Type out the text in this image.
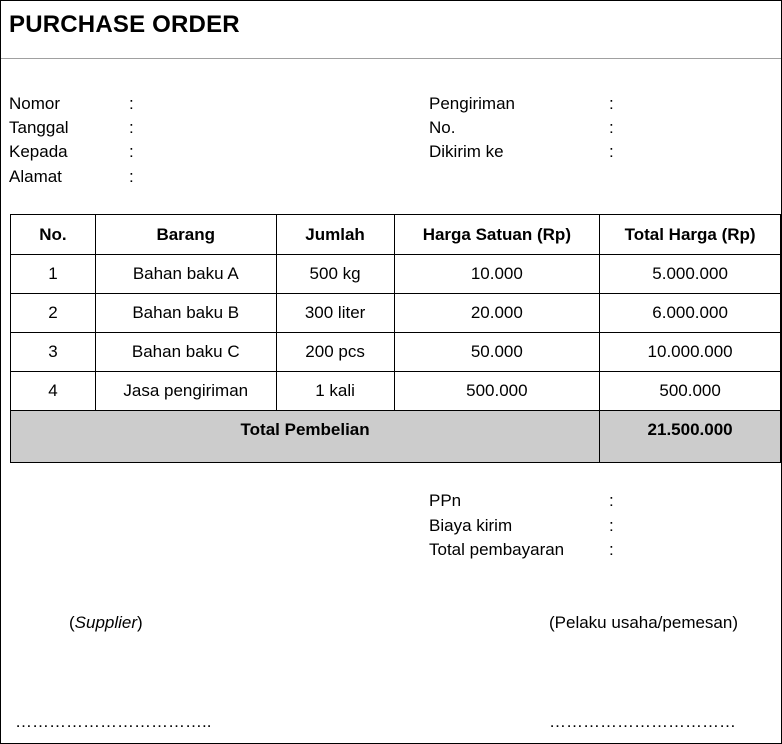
PURCHASE ORDER
Nomor	:
Tanggal	:
Kepada	:
Alamat	:
Pengiriman	:
No.	:
Dikirim ke	:
No.	Barang	Jumlah	Harga Satuan (Rp)	Total Harga (Rp)
1	Bahan baku A	500 kg	10.000	5.000.000
2	Bahan baku B	300 liter	20.000	6.000.000
3	Bahan baku C	200 pcs	50.000	10.000.000
4	Jasa pengiriman	1 kali	500.000	500.000
Total Pembelian				21.500.000
PPn	:
Biaya kirim	:
Total pembayaran	:
(Supplier)	(Pelaku usaha/pemesan)
……………………………..	……………………………
